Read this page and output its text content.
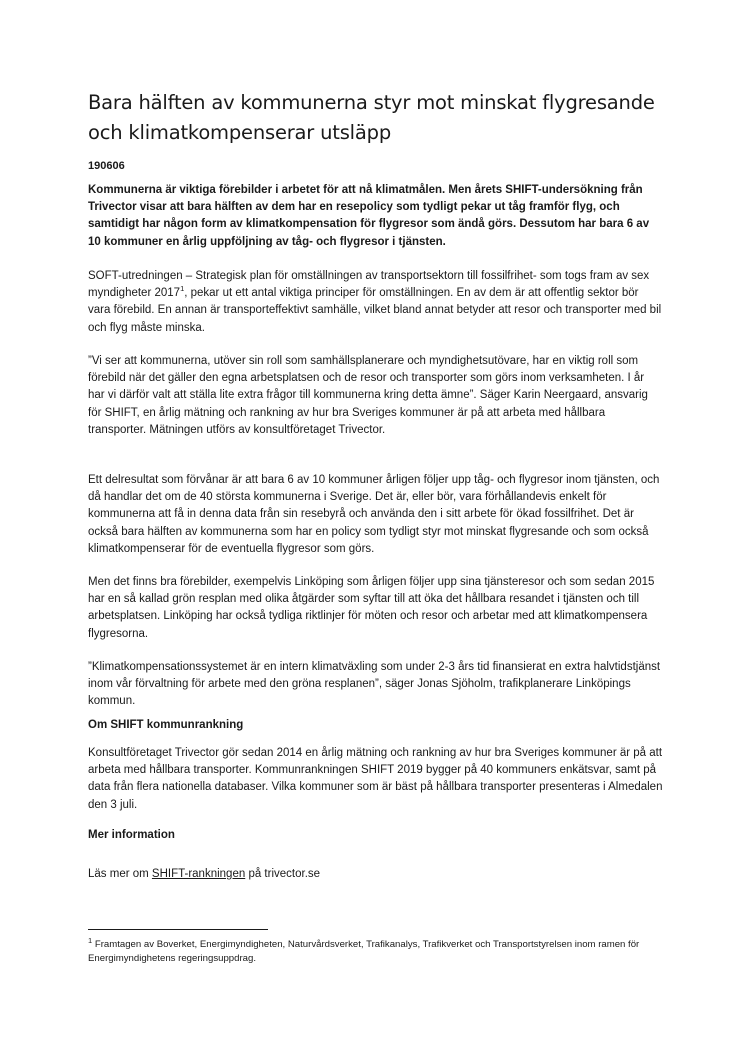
Bara hälften av kommunerna styr mot minskat flygresande och klimatkompenserar utsläpp

190606

Kommunerna är viktiga förebilder i arbetet för att nå klimatmålen. Men årets SHIFT-undersökning från Trivector visar att bara hälften av dem har en resepolicy som tydligt pekar ut tåg framför flyg, och samtidigt har någon form av klimatkompensation för flygresor som ändå görs. Dessutom har bara 6 av 10 kommuner en årlig uppföljning av tåg- och flygresor i tjänsten.

SOFT-utredningen – Strategisk plan för omställningen av transportsektorn till fossilfrihet- som togs fram av sex myndigheter 2017$^1$, pekar ut ett antal viktiga principer för omställningen. En av dem är att offentlig sektor bör vara förebild. En annan är transporteffektivt samhälle, vilket bland annat betyder att resor och transporter med bil och flyg måste minska.

”Vi ser att kommunerna, utöver sin roll som samhällsplanerare och myndighetsutövare, har en viktig roll som förebild när det gäller den egna arbetsplatsen och de resor och transporter som görs inom verksamheten. I år har vi därför valt att ställa lite extra frågor till kommunerna kring detta ämne”. Säger Karin Neergaard, ansvarig för SHIFT, en årlig mätning och rankning av hur bra Sveriges kommuner är på att arbeta med hållbara transporter. Mätningen utförs av konsultföretaget Trivector.

Ett delresultat som förvånar är att bara 6 av 10 kommuner årligen följer upp tåg- och flygresor inom tjänsten, och då handlar det om de 40 största kommunerna i Sverige. Det är, eller bör, vara förhållandevis enkelt för kommunerna att få in denna data från sin resebyrå och använda den i sitt arbete för ökad fossilfrihet. Det är också bara hälften av kommunerna som har en policy som tydligt styr mot minskat flygresande och som också klimatkompenserar för de eventuella flygresor som görs.

Men det finns bra förebilder, exempelvis Linköping som årligen följer upp sina tjänsteresor och som sedan 2015 har en så kallad grön resplan med olika åtgärder som syftar till att öka det hållbara resandet i tjänsten och till arbetsplatsen. Linköping har också tydliga riktlinjer för möten och resor och arbetar med att klimatkompensera flygresorna.

”Klimatkompensationssystemet är en intern klimatväxling som under 2-3 års tid finansierat en extra halvtidstjänst inom vår förvaltning för arbete med den gröna resplanen”, säger Jonas Sjöholm, trafikplanerare Linköpings kommun.

Om SHIFT kommunrankning

Konsultföretaget Trivector gör sedan 2014 en årlig mätning och rankning av hur bra Sveriges kommuner är på att arbeta med hållbara transporter. Kommunrankningen SHIFT 2019 bygger på 40 kommuners enkätsvar, samt på data från flera nationella databaser. Vilka kommuner som är bäst på hållbara transporter presenteras i Almedalen den 3 juli.

Mer information

Läs mer om SHIFT-rankningen på trivector.se

$^1$ Framtagen av Boverket, Energimyndigheten, Naturvårdsverket, Trafikanalys, Trafikverket och Transportstyrelsen inom ramen för Energimyndighetens regeringsuppdrag.
